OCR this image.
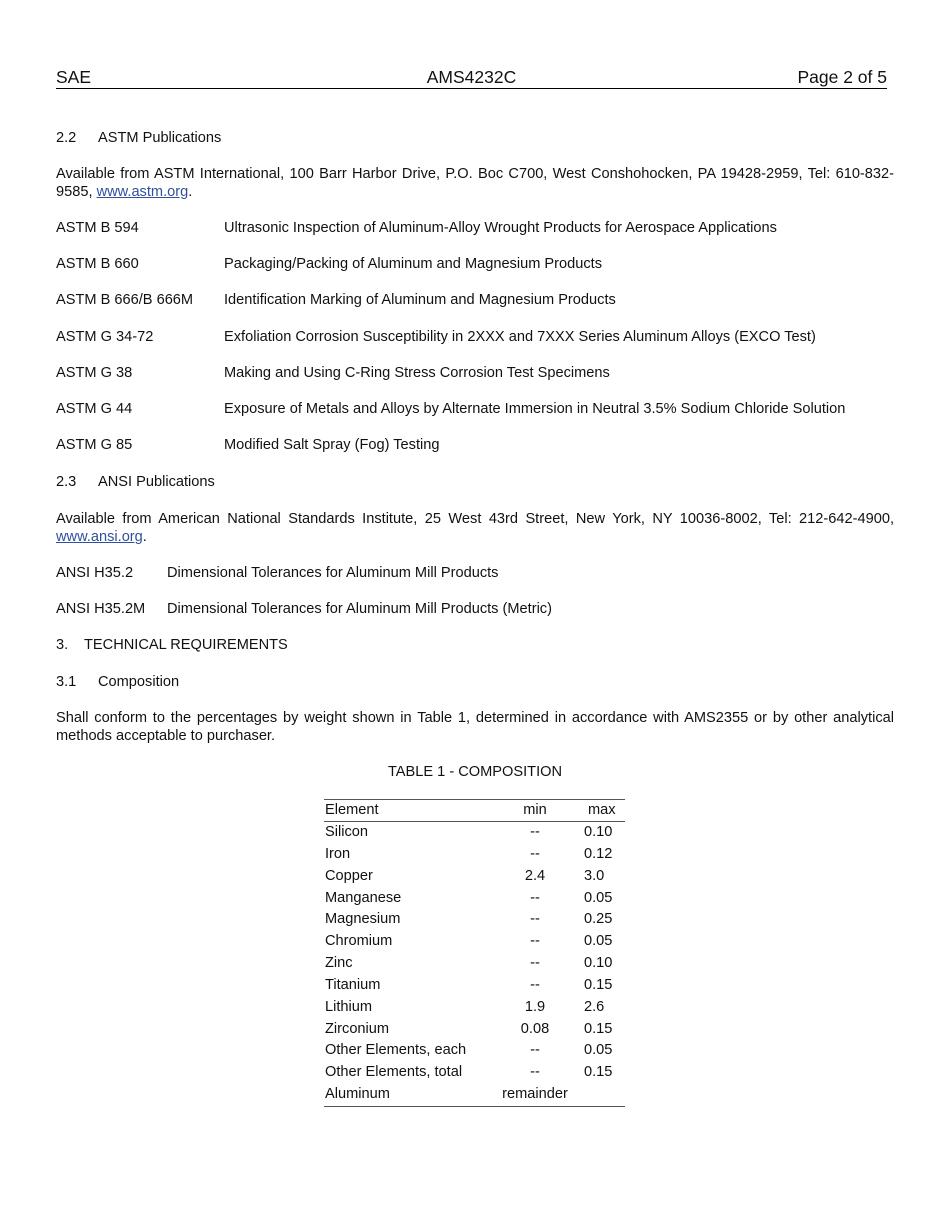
SAE	AMS4232C	Page 2 of 5
2.2 ASTM Publications
Available from ASTM International, 100 Barr Harbor Drive, P.O. Boc C700, West Conshohocken, PA 19428-2959, Tel: 610-832-9585, www.astm.org.
ASTM B 594	Ultrasonic Inspection of Aluminum-Alloy Wrought Products for Aerospace Applications
ASTM B 660	Packaging/Packing of Aluminum and Magnesium Products
ASTM B 666/B 666M Identification Marking of Aluminum and Magnesium Products
ASTM G 34-72	Exfoliation Corrosion Susceptibility in 2XXX and 7XXX Series Aluminum Alloys (EXCO Test)
ASTM G 38	Making and Using C-Ring Stress Corrosion Test Specimens
ASTM G 44	Exposure of Metals and Alloys by Alternate Immersion in Neutral 3.5% Sodium Chloride Solution
ASTM G 85	Modified Salt Spray (Fog) Testing
2.3 ANSI Publications
Available from American National Standards Institute, 25 West 43rd Street, New York, NY 10036-8002, Tel: 212-642-4900, www.ansi.org.
ANSI H35.2 Dimensional Tolerances for Aluminum Mill Products
ANSI H35.2M Dimensional Tolerances for Aluminum Mill Products (Metric)
3. TECHNICAL REQUIREMENTS
3.1 Composition
Shall conform to the percentages by weight shown in Table 1, determined in accordance with AMS2355 or by other analytical methods acceptable to purchaser.
TABLE 1 - COMPOSITION
Element	min	max
Silicon	--	0.10
Iron	--	0.12
Copper	2.4	3.0
Manganese	--	0.05
Magnesium	--	0.25
Chromium	--	0.05
Zinc	--	0.10
Titanium	--	0.15
Lithium	1.9	2.6
Zirconium	0.08	0.15
Other Elements, each	--	0.05
Other Elements, total	--	0.15
Aluminum	remainder
